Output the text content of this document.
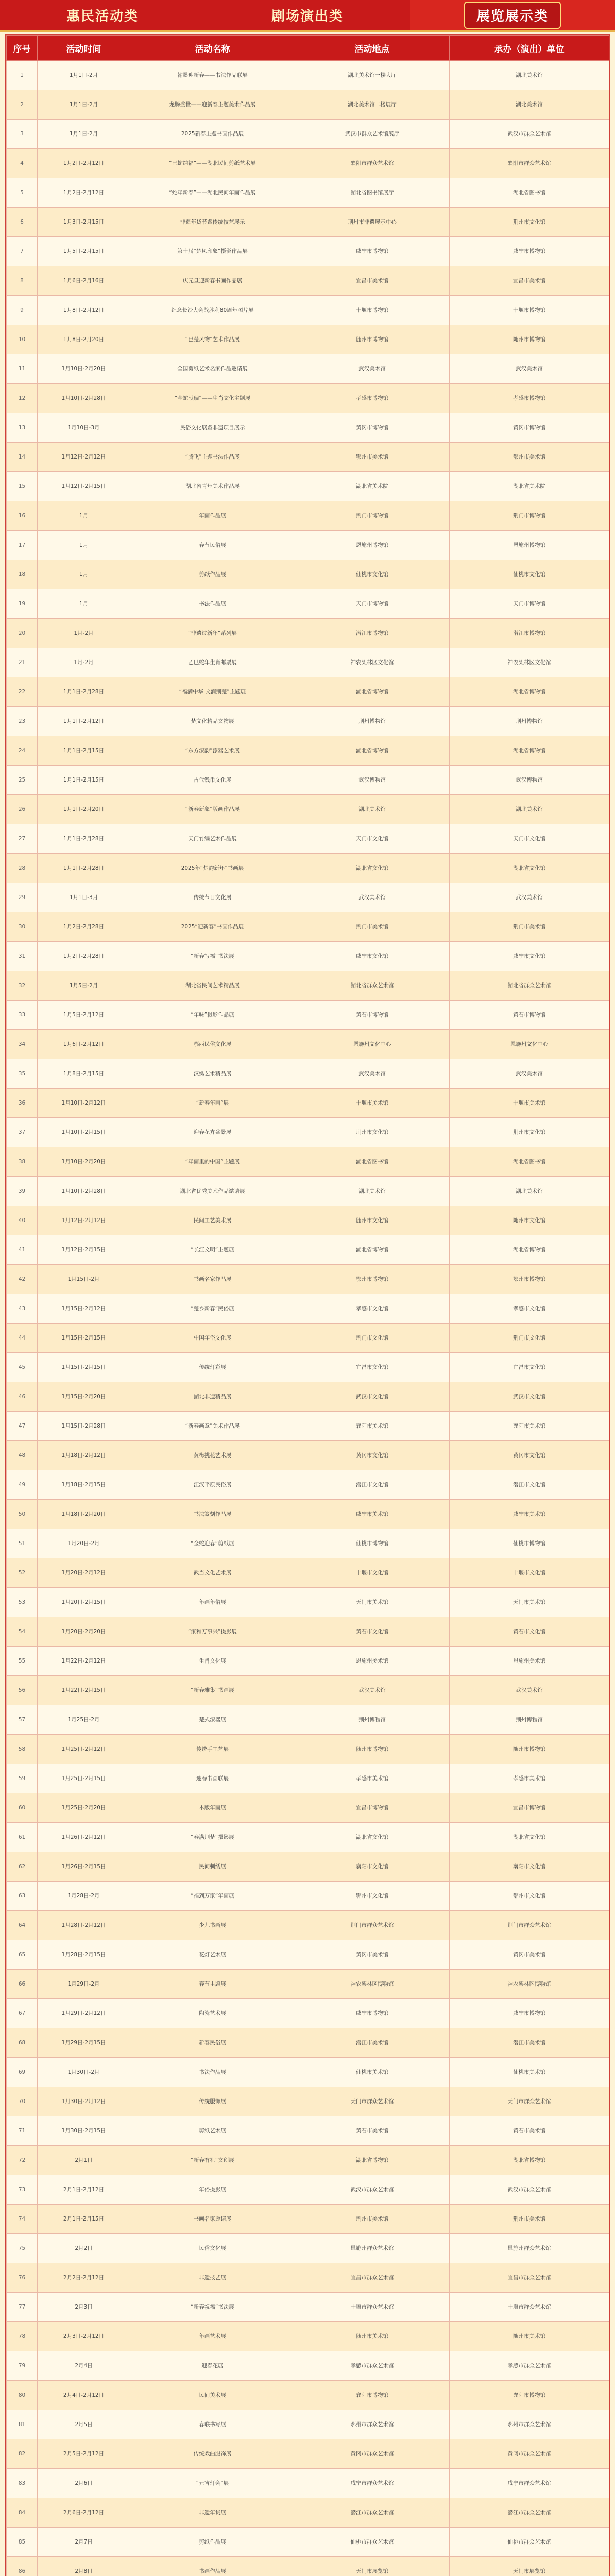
惠民活动类	剧场演出类	展览展示类
序号	活动时间	活动名称	活动地点	承办（演出）单位
1	1月1日-2月	翰墨迎新春——书法作品联展	湖北美术馆一楼大厅	湖北美术馆
2	1月1日-2月	龙腾盛世——迎新春主题美术作品展	湖北美术馆二楼展厅	湖北美术馆
3	1月1日-2月	2025新春主题书画作品展	武汉市群众艺术馆展厅	武汉市群众艺术馆
4	1月2日-2月12日	“巳蛇纳福”——湖北民间剪纸艺术展	襄阳市群众艺术馆	襄阳市群众艺术馆
5	1月2日-2月12日	“蛇年新春”——湖北民间年画作品展	湖北省图书馆展厅	湖北省图书馆
6	1月3日-2月15日	非遗年货节暨传统技艺展示	荆州市非遗展示中心	荆州市文化馆
7	1月5日-2月15日	第十届“楚风印象”摄影作品展	咸宁市博物馆	咸宁市博物馆
8	1月6日-2月16日	庆元旦迎新春书画作品展	宜昌市美术馆	宜昌市美术馆
9	1月8日-2月12日	纪念长沙大会战胜利80周年图片展	十堰市博物馆	十堰市博物馆
10	1月8日-2月20日	“巴楚风物”艺术作品展	随州市博物馆	随州市博物馆
11	1月10日-2月20日	全国剪纸艺术名家作品邀请展	武汉美术馆	武汉美术馆
12	1月10日-2月28日	“金蛇献瑞”——生肖文化主题展	孝感市博物馆	孝感市博物馆
13	1月10日-3月	民俗文化展暨非遗项目展示	黄冈市博物馆	黄冈市博物馆
14	1月12日-2月12日	“腾飞”主题书法作品展	鄂州市美术馆	鄂州市美术馆
15	1月12日-2月15日	湖北省青年美术作品展	湖北省美术院	湖北省美术院
16	1月	年画作品展	荆门市博物馆	荆门市博物馆
17	1月	春节民俗展	恩施州博物馆	恩施州博物馆
18	1月	剪纸作品展	仙桃市文化馆	仙桃市文化馆
19	1月	书法作品展	天门市博物馆	天门市博物馆
20	1月-2月	“非遗过新年”系列展	潜江市博物馆	潜江市博物馆
21	1月-2月	乙巳蛇年生肖邮票展	神农架林区文化馆	神农架林区文化馆
22	1月1日-2月28日	“福满中华 文润荆楚”主题展	湖北省博物馆	湖北省博物馆
23	1月1日-2月12日	楚文化精品文物展	荆州博物馆	荆州博物馆
24	1月1日-2月15日	“东方漆韵”漆器艺术展	湖北省博物馆	湖北省博物馆
25	1月1日-2月15日	古代钱币文化展	武汉博物馆	武汉博物馆
26	1月1日-2月20日	“新春新象”版画作品展	湖北美术馆	湖北美术馆
27	1月1日-2月28日	天门竹编艺术作品展	天门市文化馆	天门市文化馆
28	1月1日-2月28日	2025年“楚韵新年”书画展	湖北省文化馆	湖北省文化馆
29	1月1日-3月	传统节日文化展	武汉美术馆	武汉美术馆
30	1月2日-2月28日	2025“迎新春”书画作品展	荆门市美术馆	荆门市美术馆
31	1月2日-2月28日	“新春写福”书法展	咸宁市文化馆	咸宁市文化馆
32	1月5日-2月	湖北省民间艺术精品展	湖北省群众艺术馆	湖北省群众艺术馆
33	1月5日-2月12日	“年味”摄影作品展	黄石市博物馆	黄石市博物馆
34	1月6日-2月12日	鄂西民俗文化展	恩施州文化中心	恩施州文化中心
35	1月8日-2月15日	汉绣艺术精品展	武汉美术馆	武汉美术馆
36	1月10日-2月12日	“新春年画”展	十堰市美术馆	十堰市美术馆
37	1月10日-2月15日	迎春花卉盆景展	荆州市文化馆	荆州市文化馆
38	1月10日-2月20日	“年画里的中国”主题展	湖北省图书馆	湖北省图书馆
39	1月10日-2月28日	湖北省优秀美术作品邀请展	湖北美术馆	湖北美术馆
40	1月12日-2月12日	民间工艺美术展	随州市文化馆	随州市文化馆
41	1月12日-2月15日	“长江文明”主题展	湖北省博物馆	湖北省博物馆
42	1月15日-2月	书画名家作品展	鄂州市博物馆	鄂州市博物馆
43	1月15日-2月12日	“楚乡新春”民俗展	孝感市文化馆	孝感市文化馆
44	1月15日-2月15日	中国年俗文化展	荆门市文化馆	荆门市文化馆
45	1月15日-2月15日	传统灯彩展	宜昌市文化馆	宜昌市文化馆
46	1月15日-2月20日	湖北非遗精品展	武汉市文化馆	武汉市文化馆
47	1月15日-2月28日	“新春画意”美术作品展	襄阳市美术馆	襄阳市美术馆
48	1月18日-2月12日	黄梅挑花艺术展	黄冈市文化馆	黄冈市文化馆
49	1月18日-2月15日	江汉平原民俗展	潜江市文化馆	潜江市文化馆
50	1月18日-2月20日	书法篆刻作品展	咸宁市美术馆	咸宁市美术馆
51	1月20日-2月	“金蛇迎春”剪纸展	仙桃市博物馆	仙桃市博物馆
52	1月20日-2月12日	武当文化艺术展	十堰市文化馆	十堰市文化馆
53	1月20日-2月15日	年画年俗展	天门市美术馆	天门市美术馆
54	1月20日-2月20日	“家和万事兴”摄影展	黄石市文化馆	黄石市文化馆
55	1月22日-2月12日	生肖文化展	恩施州美术馆	恩施州美术馆
56	1月22日-2月15日	“新春雅集”书画展	武汉美术馆	武汉美术馆
57	1月25日-2月	楚式漆器展	荆州博物馆	荆州博物馆
58	1月25日-2月12日	传统手工艺展	随州市博物馆	随州市博物馆
59	1月25日-2月15日	迎春书画联展	孝感市美术馆	孝感市美术馆
60	1月25日-2月20日	木版年画展	宜昌市博物馆	宜昌市博物馆
61	1月26日-2月12日	“春满荆楚”摄影展	湖北省文化馆	湖北省文化馆
62	1月26日-2月15日	民间刺绣展	襄阳市文化馆	襄阳市文化馆
63	1月28日-2月	“福到万家”年画展	鄂州市文化馆	鄂州市文化馆
64	1月28日-2月12日	少儿书画展	荆门市群众艺术馆	荆门市群众艺术馆
65	1月28日-2月15日	花灯艺术展	黄冈市美术馆	黄冈市美术馆
66	1月29日-2月	春节主题展	神农架林区博物馆	神农架林区博物馆
67	1月29日-2月12日	陶瓷艺术展	咸宁市博物馆	咸宁市博物馆
68	1月29日-2月15日	新春民俗展	潜江市美术馆	潜江市美术馆
69	1月30日-2月	书法作品展	仙桃市美术馆	仙桃市美术馆
70	1月30日-2月12日	传统服饰展	天门市群众艺术馆	天门市群众艺术馆
71	1月30日-2月15日	剪纸艺术展	黄石市美术馆	黄石市美术馆
72	2月1日	“新春有礼”文创展	湖北省博物馆	湖北省博物馆
73	2月1日-2月12日	年俗摄影展	武汉市群众艺术馆	武汉市群众艺术馆
74	2月1日-2月15日	书画名家邀请展	荆州市美术馆	荆州市美术馆
75	2月2日	民俗文化展	恩施州群众艺术馆	恩施州群众艺术馆
76	2月2日-2月12日	非遗技艺展	宜昌市群众艺术馆	宜昌市群众艺术馆
77	2月3日	“新春祝福”书法展	十堰市群众艺术馆	十堰市群众艺术馆
78	2月3日-2月12日	年画艺术展	随州市美术馆	随州市美术馆
79	2月4日	迎春花展	孝感市群众艺术馆	孝感市群众艺术馆
80	2月4日-2月12日	民间美术展	襄阳市博物馆	襄阳市博物馆
81	2月5日	春联书写展	鄂州市群众艺术馆	鄂州市群众艺术馆
82	2月5日-2月12日	传统戏曲服饰展	黄冈市群众艺术馆	黄冈市群众艺术馆
83	2月6日	“元宵灯会”展	咸宁市群众艺术馆	咸宁市群众艺术馆
84	2月6日-2月12日	非遗年货展	潜江市群众艺术馆	潜江市群众艺术馆
85	2月7日	剪纸作品展	仙桃市群众艺术馆	仙桃市群众艺术馆
86	2月8日	书画作品展	天门市展览馆	天门市展览馆
